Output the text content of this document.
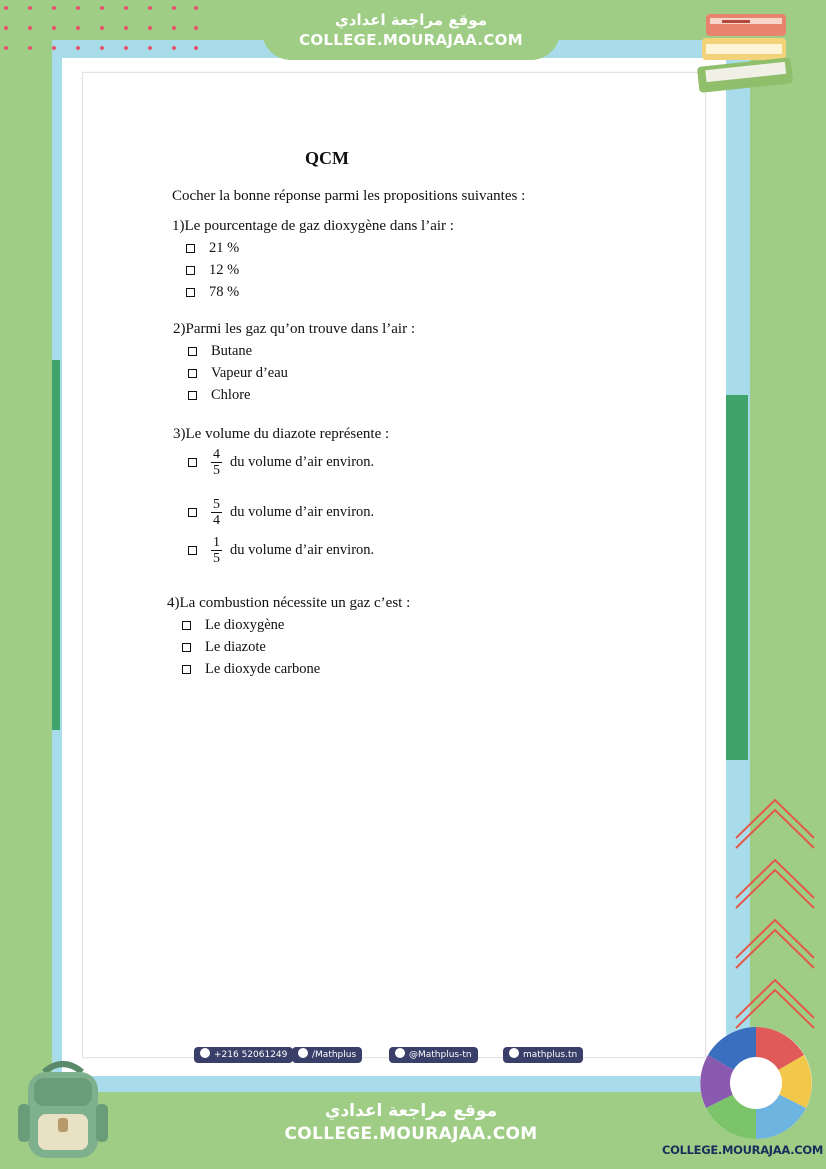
موقع مراجعة اعدادي
COLLEGE.MOURAJAA.COM
QCM
Cocher la bonne réponse parmi les propositions suivantes :
1)Le pourcentage de gaz dioxygène dans l’air :
21 %
12 %
78 %
2)Parmi les gaz qu’on trouve dans l’air :
Butane
Vapeur d’eau
Chlore
3)Le volume du diazote représente :
$\frac{4}{5}$ du volume d’air environ.
$\frac{5}{4}$ du volume d’air environ.
$\frac{1}{5}$ du volume d’air environ.
4)La combustion nécessite un gaz c’est :
Le dioxygène
Le diazote
Le dioxyde carbone
+216 52061249	/Mathplus	@Mathplus-tn	mathplus.tn
موقع مراجعة اعدادي
COLLEGE.MOURAJAA.COM
COLLEGE.MOURAJAA.COM
